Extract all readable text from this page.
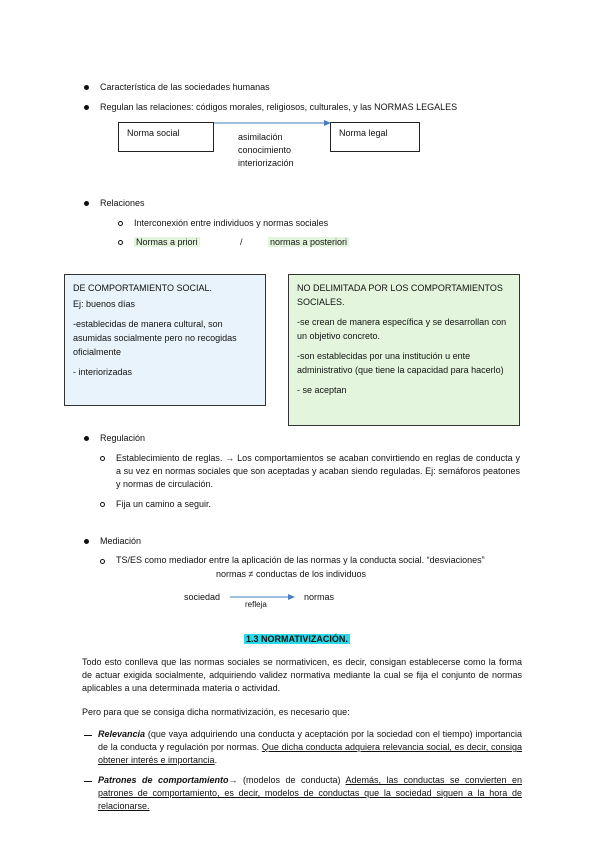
Característica de las sociedades humanas
Regulan las relaciones: códigos morales, religiosos, culturales, y las NORMAS LEGALES
Norma social	Norma legal
asimilación
conocimiento
interiorización
Relaciones
Interconexión entre individuos y normas sociales
Normas a priori	/	normas a posteriori
DE COMPORTAMIENTO SOCIAL.
Ej: buenos días
-establecidas de manera cultural, son asumidas socialmente pero no recogidas oficialmente
- interiorizadas
NO DELIMITADA POR LOS COMPORTAMIENTOS SOCIALES.
-se crean de manera específica y se desarrollan con un objetivo concreto.
-son establecidas por una institución u ente administrativo (que tiene la capacidad para hacerlo)
- se aceptan
Regulación
Establecimiento de reglas. → Los comportamientos se acaban convirtiendo en reglas de conducta y a su vez en normas sociales que son aceptadas y acaban siendo reguladas. Ej: semáforos peatones y normas de circulación.
Fija un camino a seguir.
Mediación
TS/ES como mediador entre la aplicación de las normas y la conducta social. “desviaciones”
normas ≠ conductas de los individuos
sociedad
refleja
normas
1.3 NORMATIVIZACIÓN.
Todo esto conlleva que las normas sociales se normativicen, es decir, consigan establecerse como la forma de actuar exigida socialmente, adquiriendo validez normativa mediante la cual se fija el conjunto de normas aplicables a una determinada materia o actividad.
Pero para que se consiga dicha normativización, es necesario que:
Relevancia (que vaya adquiriendo una conducta y aceptación por la sociedad con el tiempo) importancia de la conducta y regulación por normas. Que dicha conducta adquiera relevancia social, es decir, consiga obtener interés e importancia.
Patrones de comportamiento→ (modelos de conducta) Además, las conductas se convierten en patrones de comportamiento, es decir, modelos de conductas que la sociedad siguen a la hora de relacionarse.
